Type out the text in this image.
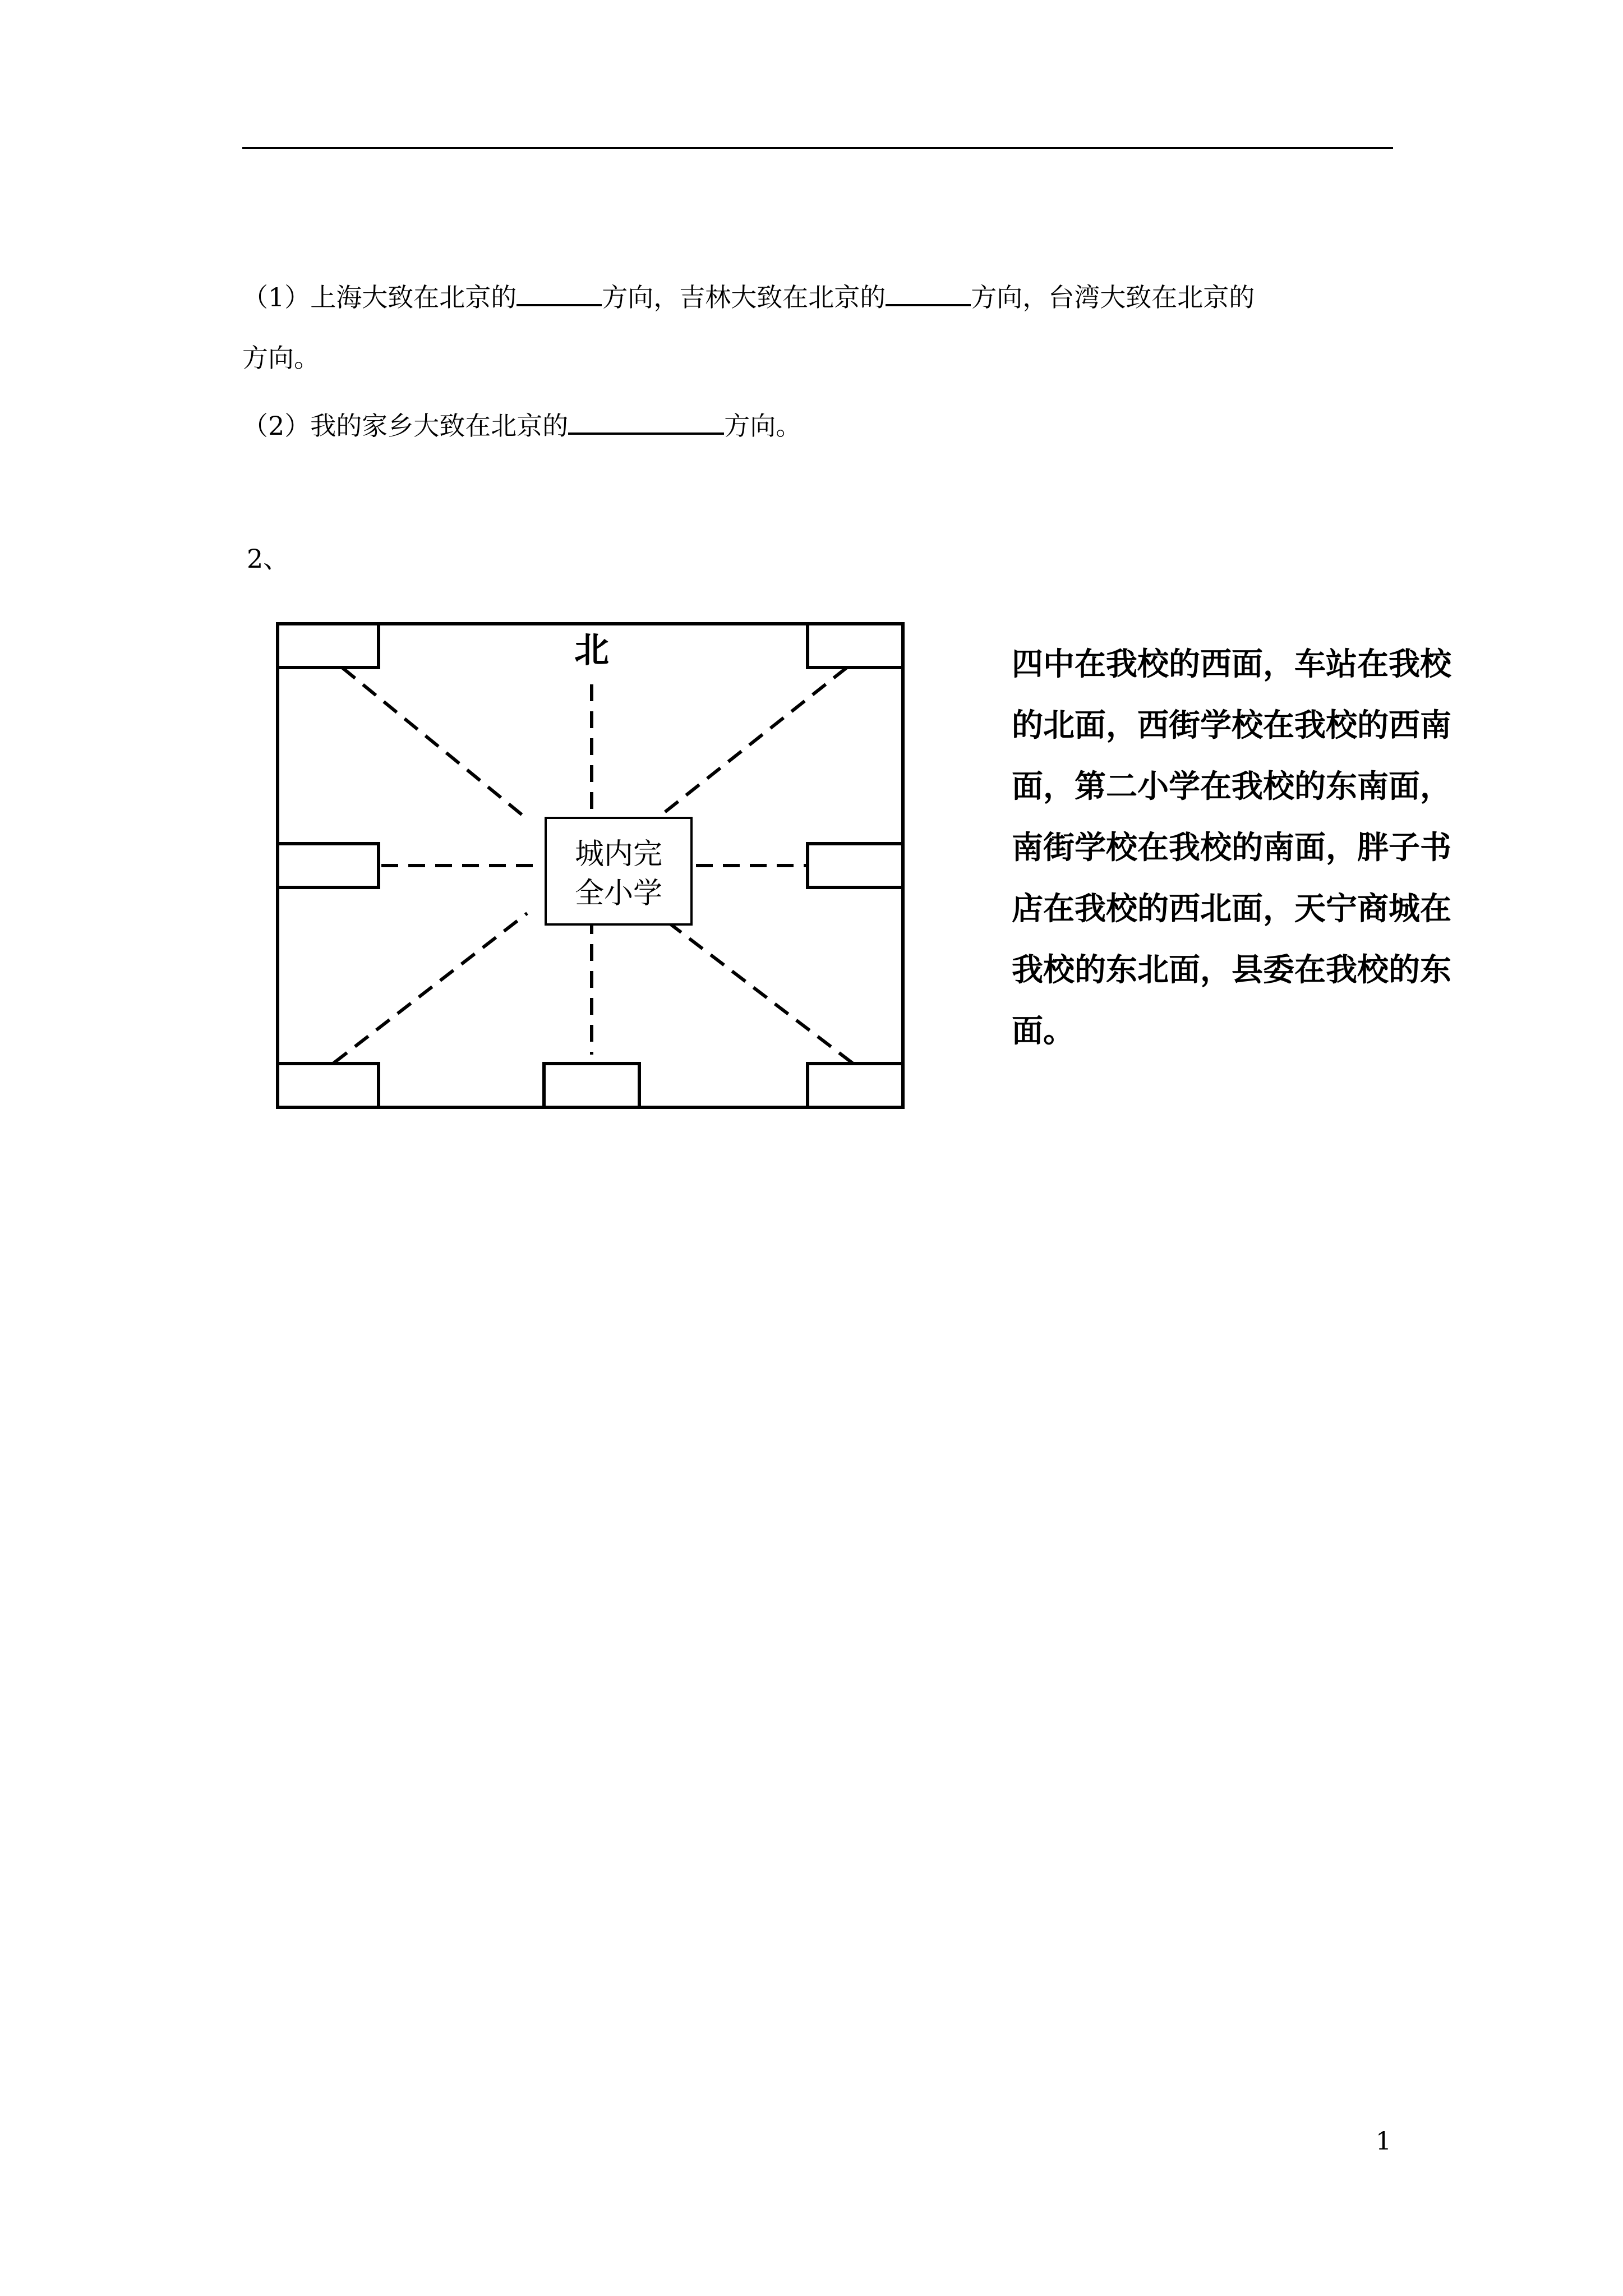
（1）上海大致在北京的	方向，吉林大致在北京的	方向，台湾大致在北京的
方向。
（2）我的家乡大致在北京的	方向。
2、
北
城内完
全小学

四中在我校的西面，车站在我校

的北面，西街学校在我校的西南

面，第二小学在我校的东南面，

南街学校在我校的南面，胖子书

店在我校的西北面，天宁商城在

我校的东北面，县委在我校的东

面。

1
